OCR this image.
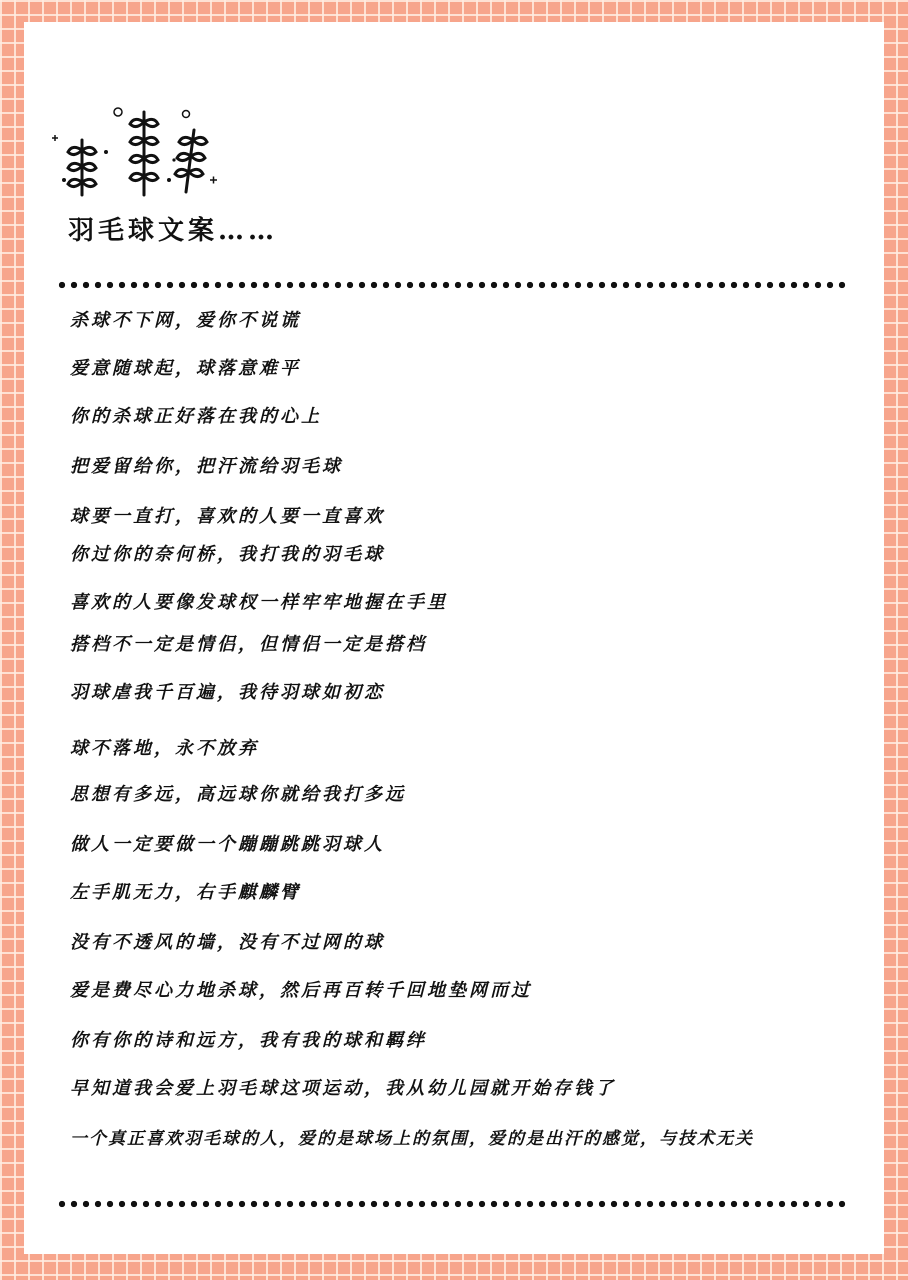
羽毛球文案……
杀球不下网，爱你不说谎
爱意随球起，球落意难平
你的杀球正好落在我的心上
把爱留给你，把汗流给羽毛球
球要一直打，喜欢的人要一直喜欢
你过你的奈何桥，我打我的羽毛球
喜欢的人要像发球杈一样牢牢地握在手里
搭档不一定是情侣，但情侣一定是搭档
羽球虐我千百遍，我待羽球如初恋
球不落地，永不放弃
思想有多远，高远球你就给我打多远
做人一定要做一个蹦蹦跳跳羽球人
左手肌无力，右手麒麟臂
没有不透风的墙，没有不过网的球
爱是费尽心力地杀球，然后再百转千回地垫网而过
你有你的诗和远方，我有我的球和羁绊
早知道我会爱上羽毛球这项运动，我从幼儿园就开始存钱了
一个真正喜欢羽毛球的人，爱的是球场上的氛围，爱的是出汗的感觉，与技术无关
